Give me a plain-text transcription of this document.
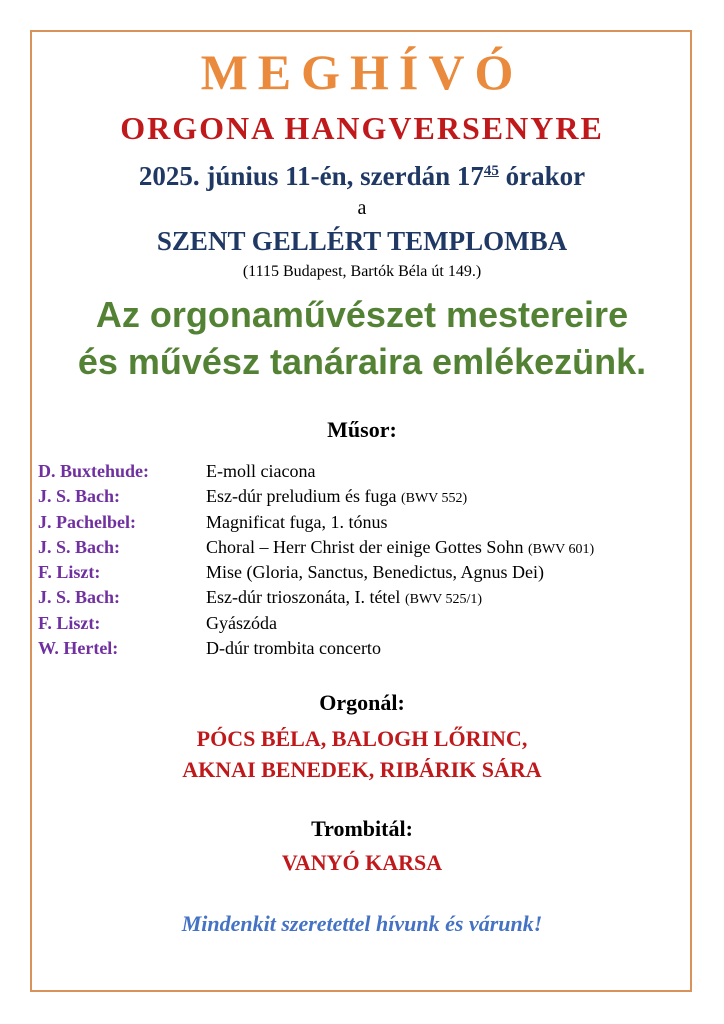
MEGHÍVÓ
ORGONA HANGVERSENYRE
2025. június 11-én, szerdán $17^{45}$ órakor
a
SZENT GELLÉRT TEMPLOMBA
(1115 Budapest, Bartók Béla út 149.)
Az orgonaművészet mestereire
és művész tanáraira emlékezünk.
Műsor:
D. Buxtehude:	E-moll ciacona
J. S. Bach:	Esz-dúr preludium és fuga (BWV 552)
J. Pachelbel:	Magnificat fuga, 1. tónus
J. S. Bach:	Choral – Herr Christ der einige Gottes Sohn (BWV 601)
F. Liszt:	Mise (Gloria, Sanctus, Benedictus, Agnus Dei)
J. S. Bach:	Esz-dúr trioszonáta, I. tétel (BWV 525/1)
F. Liszt:	Gyászóda
W. Hertel:	D-dúr trombita concerto
Orgonál:
PÓCS BÉLA, BALOGH LŐRINC,
AKNAI BENEDEK, RIBÁRIK SÁRA
Trombitál:
VANYÓ KARSA
Mindenkit szeretettel hívunk és várunk!
